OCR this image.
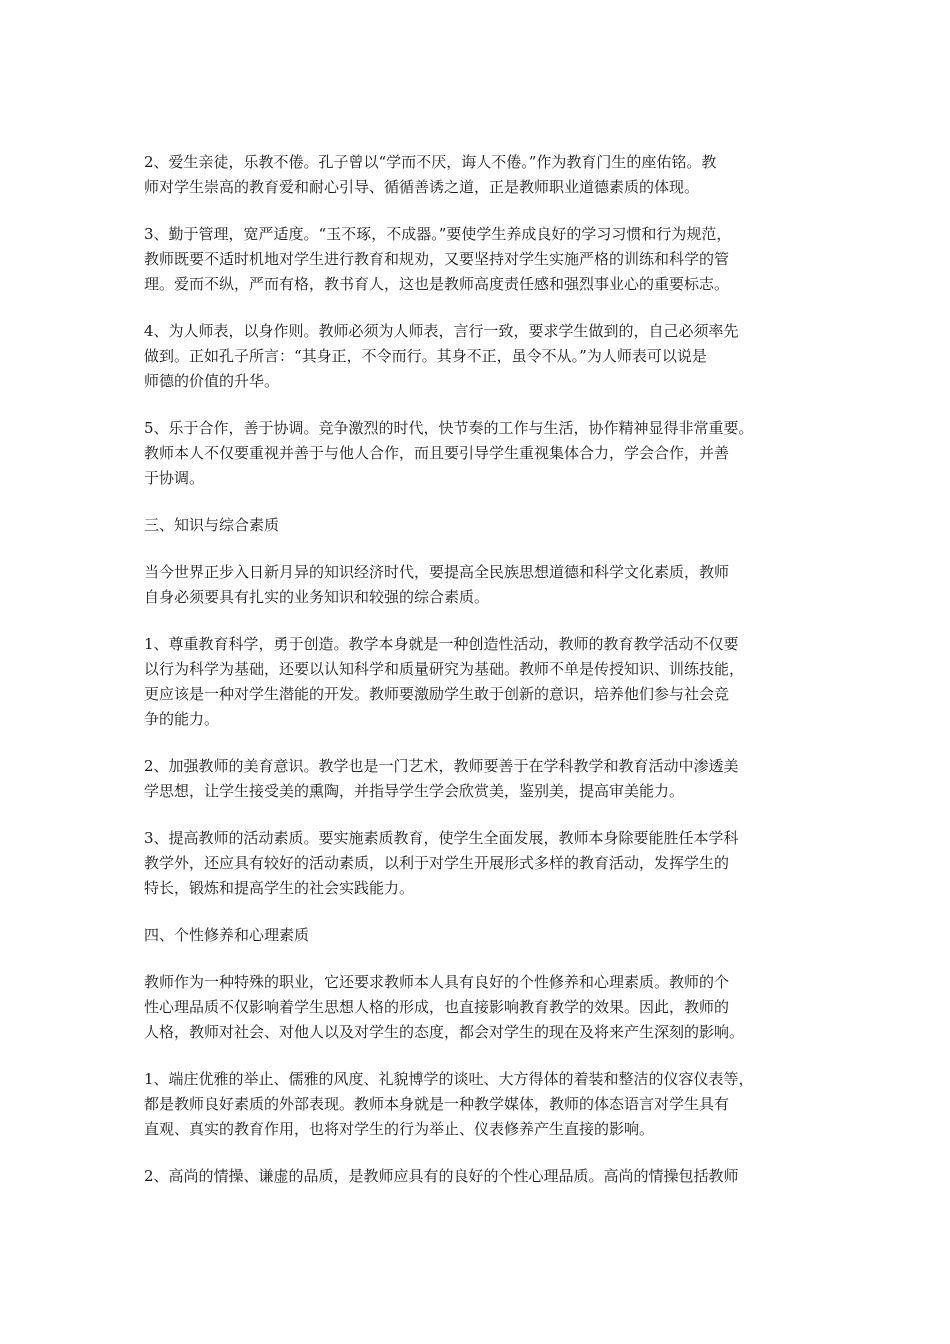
2、爱生亲徒，乐教不倦。孔子曾以“学而不厌，诲人不倦。”作为教育门生的座佑铭。教
师对学生崇高的教育爱和耐心引导、循循善诱之道，正是教师职业道德素质的体现。

3、勤于管理，宽严适度。“玉不琢，不成器。”要使学生养成良好的学习习惯和行为规范，
教师既要不适时机地对学生进行教育和规劝，又要坚持对学生实施严格的训练和科学的管
理。爱而不纵，严而有格，教书育人，这也是教师高度责任感和强烈事业心的重要标志。

4、为人师表，以身作则。教师必须为人师表，言行一致，要求学生做到的，自己必须率先
做到。正如孔子所言：“其身正，不令而行。其身不正，虽令不从。”为人师表可以说是
师德的价值的升华。

5、乐于合作，善于协调。竞争激烈的时代，快节奏的工作与生活，协作精神显得非常重要。
教师本人不仅要重视并善于与他人合作，而且要引导学生重视集体合力，学会合作，并善
于协调。

三、知识与综合素质

当今世界正步入日新月异的知识经济时代，要提高全民族思想道德和科学文化素质，教师
自身必须要具有扎实的业务知识和较强的综合素质。

1、尊重教育科学，勇于创造。教学本身就是一种创造性活动，教师的教育教学活动不仅要
以行为科学为基础，还要以认知科学和质量研究为基础。教师不单是传授知识、训练技能，
更应该是一种对学生潜能的开发。教师要激励学生敢于创新的意识，培养他们参与社会竞
争的能力。

2、加强教师的美育意识。教学也是一门艺术，教师要善于在学科教学和教育活动中渗透美
学思想，让学生接受美的熏陶，并指导学生学会欣赏美，鉴别美，提高审美能力。

3、提高教师的活动素质。要实施素质教育，使学生全面发展，教师本身除要能胜任本学科
教学外，还应具有较好的活动素质，以利于对学生开展形式多样的教育活动，发挥学生的
特长，锻炼和提高学生的社会实践能力。

四、个性修养和心理素质

教师作为一种特殊的职业，它还要求教师本人具有良好的个性修养和心理素质。教师的个
性心理品质不仅影响着学生思想人格的形成，也直接影响教育教学的效果。因此，教师的
人格，教师对社会、对他人以及对学生的态度，都会对学生的现在及将来产生深刻的影响。

1、端庄优雅的举止、儒雅的风度、礼貌博学的谈吐、大方得体的着装和整洁的仪容仪表等，
都是教师良好素质的外部表现。教师本身就是一种教学媒体，教师的体态语言对学生具有
直观、真实的教育作用，也将对学生的行为举止、仪表修养产生直接的影响。

2、高尚的情操、谦虚的品质，是教师应具有的良好的个性心理品质。高尚的情操包括教师
